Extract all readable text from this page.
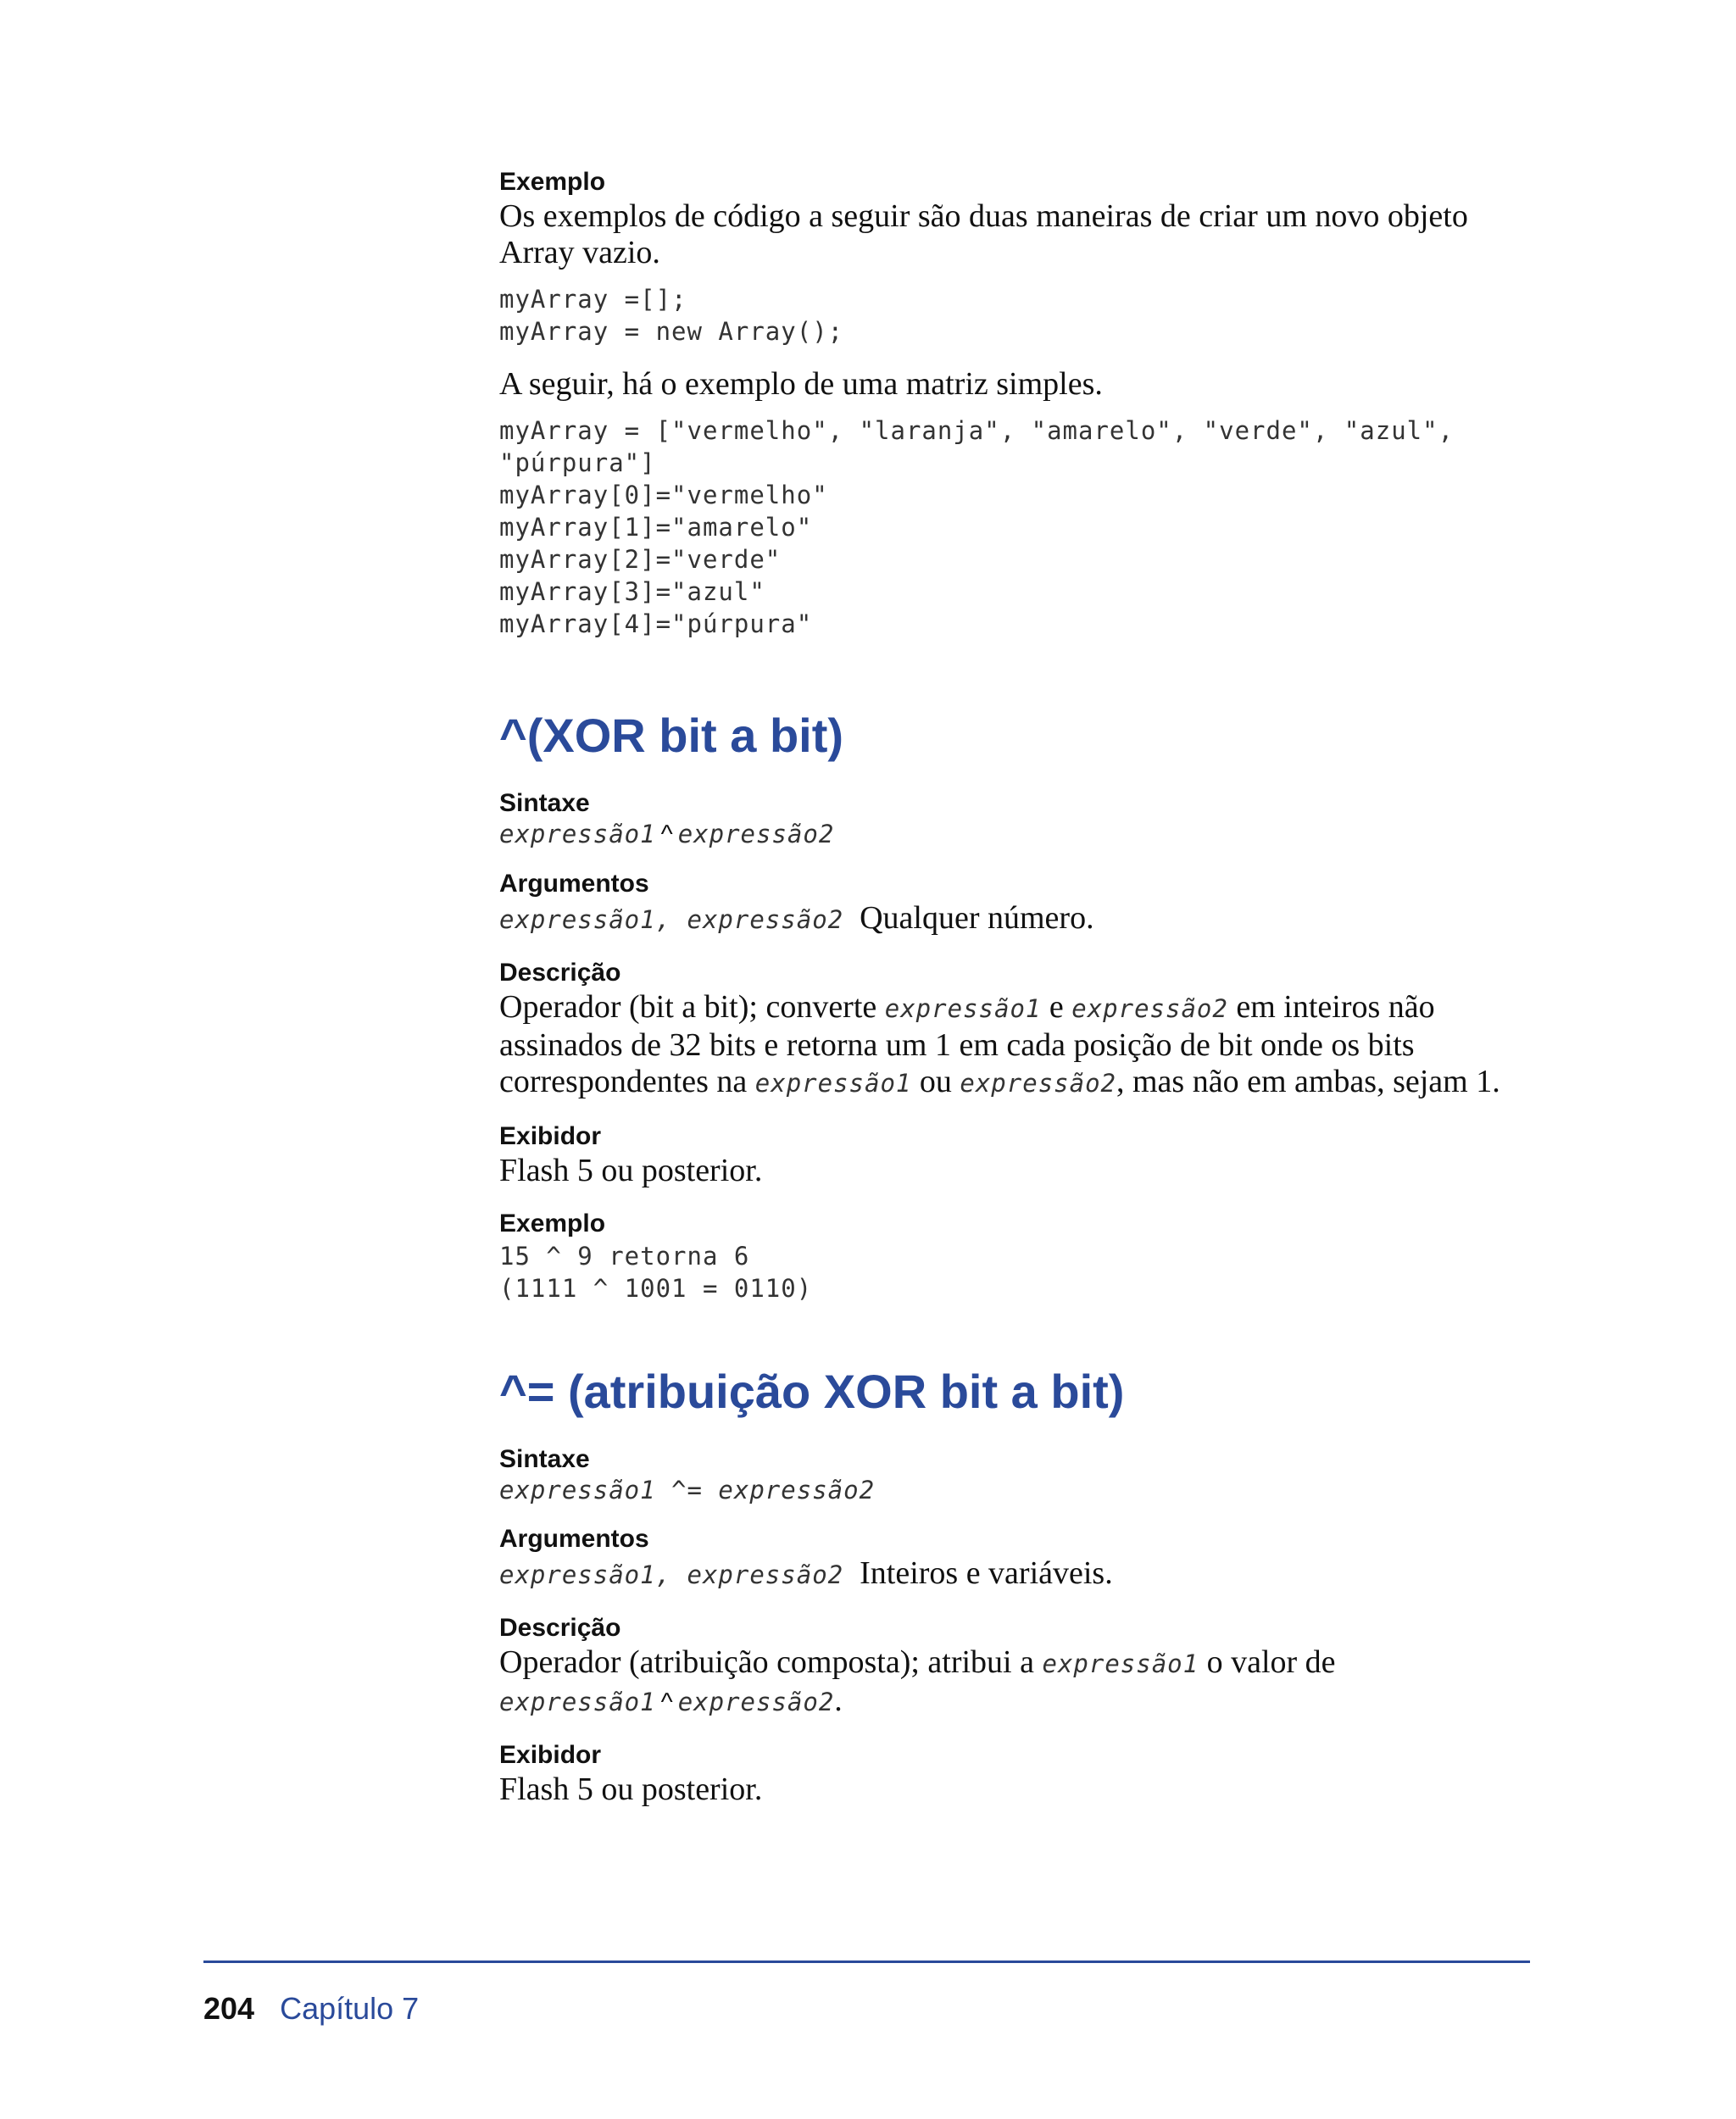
Exemplo
Os exemplos de código a seguir são duas maneiras de criar um novo objeto Array vazio.
myArray =[];
myArray = new Array();
A seguir, há o exemplo de uma matriz simples.
myArray = ["vermelho", "laranja", "amarelo", "verde", "azul",
"púrpura"]
myArray[0]="vermelho"
myArray[1]="amarelo"
myArray[2]="verde"
myArray[3]="azul"
myArray[4]="púrpura"
^(XOR bit a bit)
Sintaxe
expressão1 ^ expressão2
Argumentos
expressão1, expressão2 Qualquer número.
Descrição
Operador (bit a bit); converte expressão1 e expressão2 em inteiros não assinados de 32 bits e retorna um 1 em cada posição de bit onde os bits correspondentes na expressão1 ou expressão2, mas não em ambas, sejam 1.
Exibidor
Flash 5 ou posterior.
Exemplo
15 ^ 9 retorna 6
(1111 ^ 1001 = 0110)
^= (atribuição XOR bit a bit)
Sintaxe
expressão1 ^= expressão2
Argumentos
expressão1, expressão2 Inteiros e variáveis.
Descrição
Operador (atribuição composta); atribui a expressão1 o valor de
expressão1 ^ expressão2.
Exibidor
Flash 5 ou posterior.
204 Capítulo 7
